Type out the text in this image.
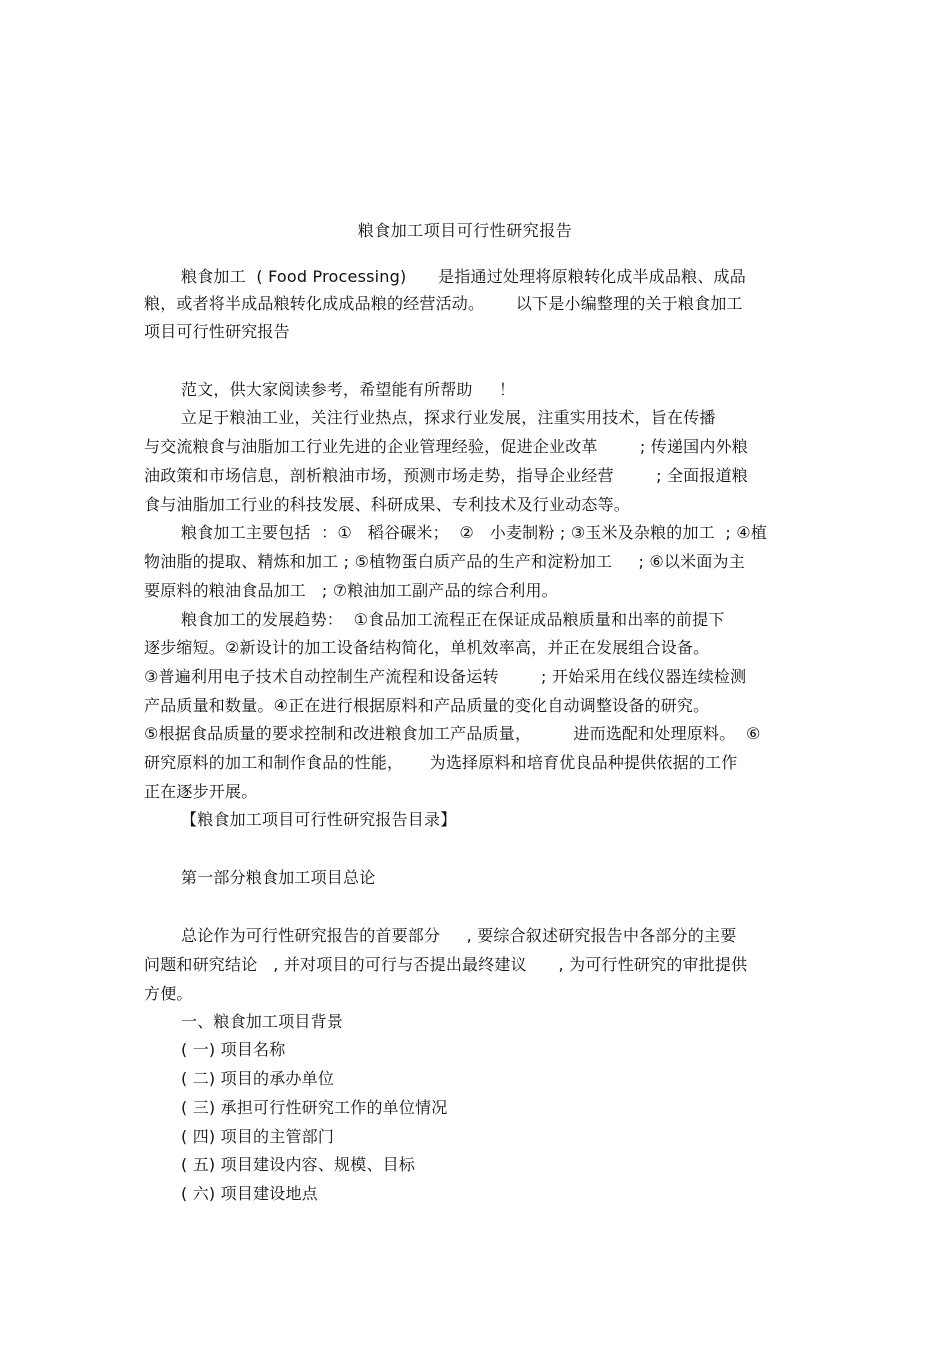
粮食加工项目可行性研究报告
粮食加工  ( Food Processing)      是指通过处理将原粮转化成半成品粮、成品
粮，或者将半成品粮转化成成品粮的经营活动。      以下是小编整理的关于粮食加工
项目可行性研究报告
范文，供大家阅读参考，希望能有所帮助     ！
立足于粮油工业，关注行业热点，探求行业发展，注重实用技术，旨在传播
与交流粮食与油脂加工行业先进的企业管理经验，促进企业改革        ; 传递国内外粮
油政策和市场信息，剖析粮油市场，预测市场走势，指导企业经营        ; 全面报道粮
食与油脂加工行业的科技发展、科研成果、专利技术及行业动态等。
粮食加工主要包括  ：①   稻谷碾米；  ②   小麦制粉 ; ③玉米及杂粮的加工  ; ④植
物油脂的提取、精炼和加工 ; ⑤植物蛋白质产品的生产和淀粉加工     ; ⑥以米面为主
要原料的粮油食品加工   ; ⑦粮油加工副产品的综合利用。
粮食加工的发展趋势：  ①食品加工流程正在保证成品粮质量和出率的前提下
逐步缩短。②新设计的加工设备结构简化，单机效率高，并正在发展组合设备。
③普遍利用电子技术自动控制生产流程和设备运转        ; 开始采用在线仪器连续检测
产品质量和数量。④正在进行根据原料和产品质量的变化自动调整设备的研究。
⑤根据食品质量的要求控制和改进粮食加工产品质量，        进而选配和处理原料。  ⑥
研究原料的加工和制作食品的性能，     为选择原料和培育优良品种提供依据的工作
正在逐步开展。
【粮食加工项目可行性研究报告目录】
第一部分粮食加工项目总论
总论作为可行性研究报告的首要部分     , 要综合叙述研究报告中各部分的主要
问题和研究结论   , 并对项目的可行与否提出最终建议      , 为可行性研究的审批提供
方便。
一、粮食加工项目背景
( 一) 项目名称
( 二) 项目的承办单位
( 三) 承担可行性研究工作的单位情况
( 四) 项目的主管部门
( 五) 项目建设内容、规模、目标
( 六) 项目建设地点
